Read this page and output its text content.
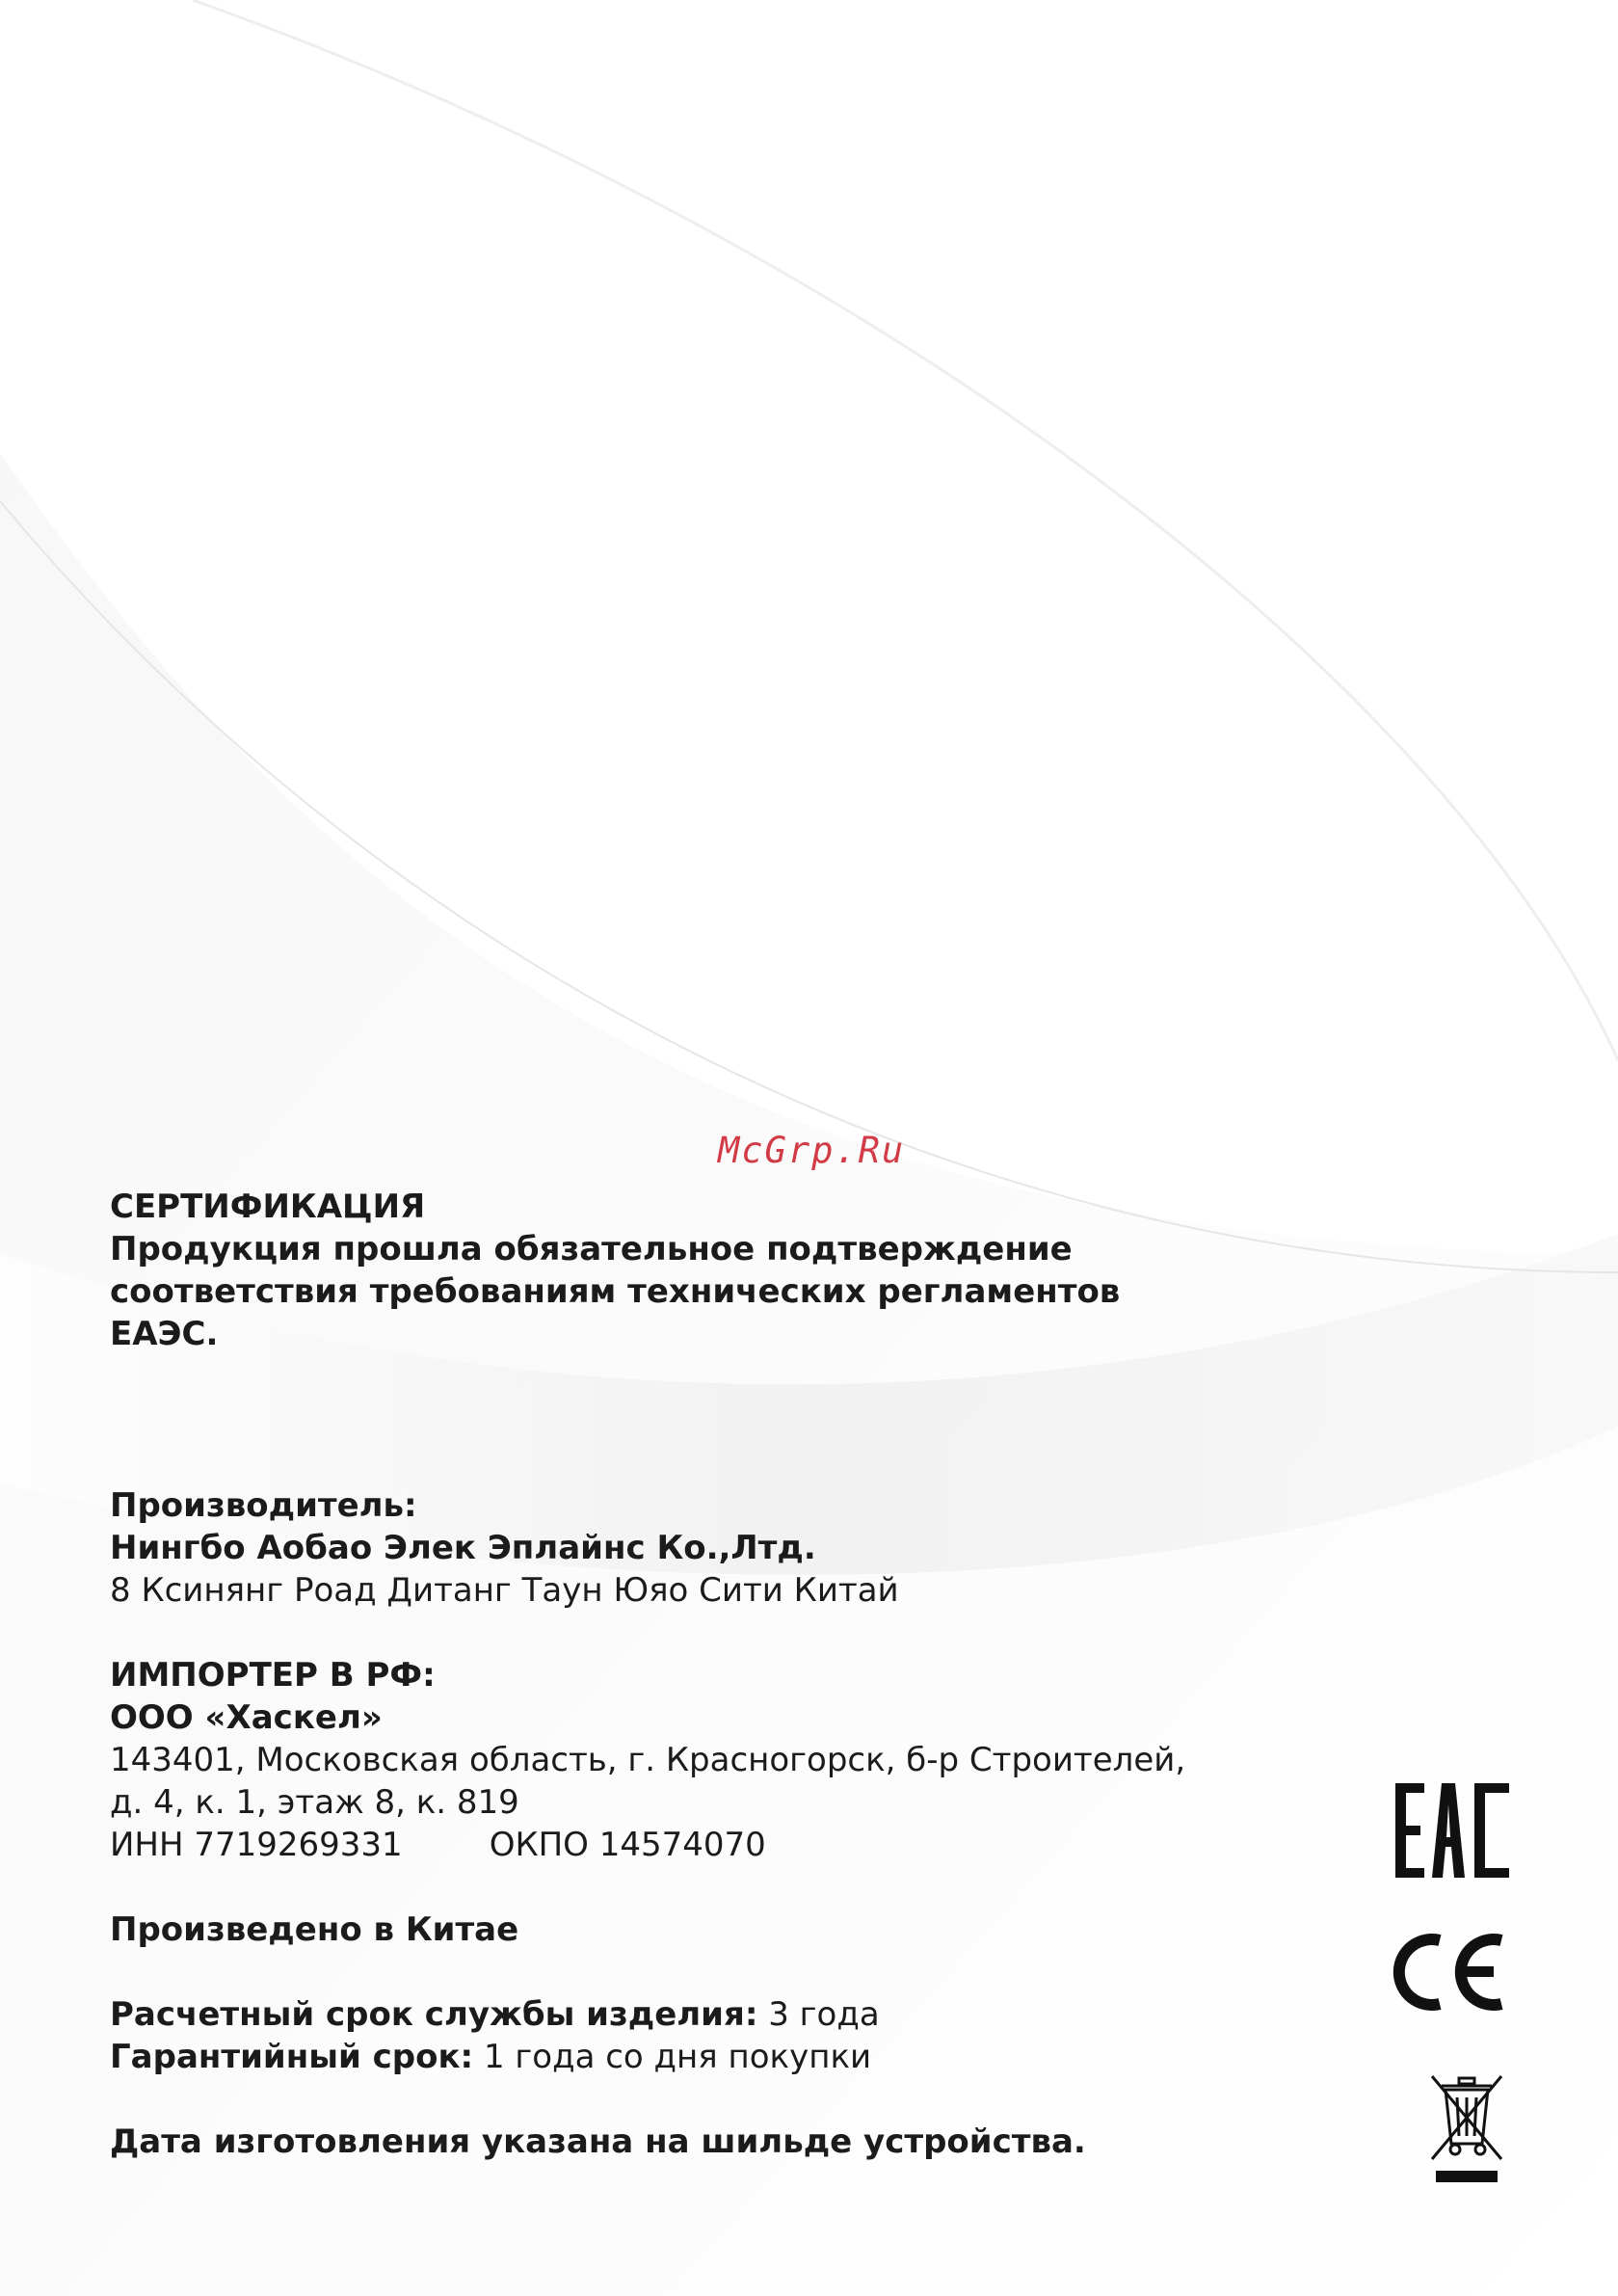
McGrp.Ru
СЕРТИФИКАЦИЯ
Продукция прошла обязательное подтверждение
соответствия требованиям технических регламентов
ЕАЭС.
Производитель:
Нингбо Аобао Элек Эплайнс Ко.,Лтд.
8 Ксинянг Роад Дитанг Таун Юяо Сити Китай
ИМПОРТЕР В РФ:
ООО «Хаскел»
143401, Московская область, г. Красногорск, б-р Строителей,
д. 4, к. 1, этаж 8, к. 819
ИНН 7719269331	ОКПО 14574070
Произведено в Китае
Расчетный срок службы изделия: 3 года
Гарантийный срок: 1 года со дня покупки
Дата изготовления указана на шильде устройства.
